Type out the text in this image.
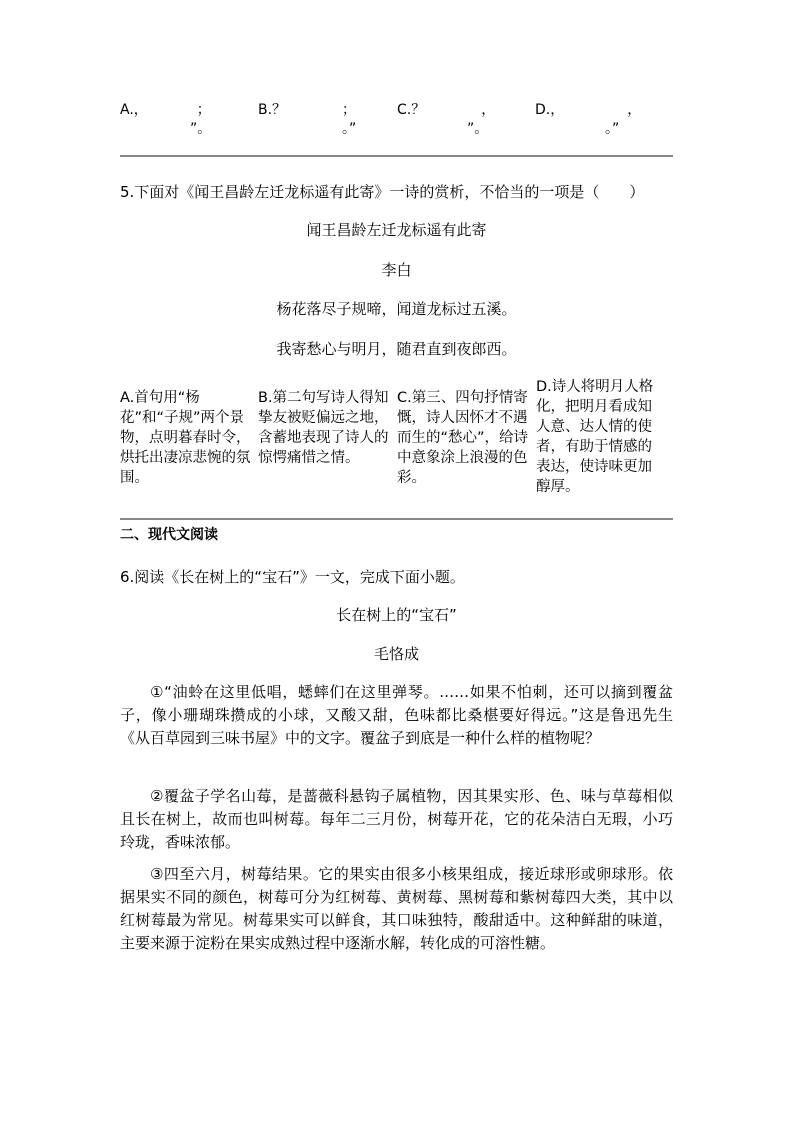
A.，　　　　；
　　　　　”。
B.？　　　　；
　　　　　　。”
C.？　　　　，
　　　　　”。
D.，　　　　　，
　　　　　。”
5.下面对《闻王昌龄左迁龙标遥有此寄》一诗的赏析，不恰当的一项是（　　）
闻王昌龄左迁龙标遥有此寄
李白
杨花落尽子规啼，闻道龙标过五溪。
我寄愁心与明月，随君直到夜郎西。
A.首句用“杨花”和“子规”两个景物，点明暮春时令，烘托出凄凉悲惋的氛围。
B.第二句写诗人得知挚友被贬偏远之地，含蓄地表现了诗人的惊愕痛惜之情。
C.第三、四句抒情寄慨，诗人因怀才不遇而生的“愁心”，给诗中意象涂上浪漫的色彩。
D.诗人将明月人格化，把明月看成知人意、达人情的使者，有助于情感的表达，使诗味更加醇厚。
二、现代文阅读
6.阅读《长在树上的“宝石”》一文，完成下面小题。
长在树上的“宝石”
毛恪成
①“油蛉在这里低唱，蟋蟀们在这里弹琴。……如果不怕刺，还可以摘到覆盆子，像小珊瑚珠攒成的小球，又酸又甜，色味都比桑椹要好得远。”这是鲁迅先生《从百草园到三味书屋》中的文字。覆盆子到底是一种什么样的植物呢？
②覆盆子学名山莓，是蔷薇科悬钩子属植物，因其果实形、色、味与草莓相似且长在树上，故而也叫树莓。每年二三月份，树莓开花，它的花朵洁白无瑕，小巧玲珑，香味浓郁。
③四至六月，树莓结果。它的果实由很多小核果组成，接近球形或卵球形。依据果实不同的颜色，树莓可分为红树莓、黄树莓、黑树莓和紫树莓四大类，其中以红树莓最为常见。树莓果实可以鲜食，其口味独特，酸甜适中。这种鲜甜的味道，主要来源于淀粉在果实成熟过程中逐渐水解，转化成的可溶性糖。
